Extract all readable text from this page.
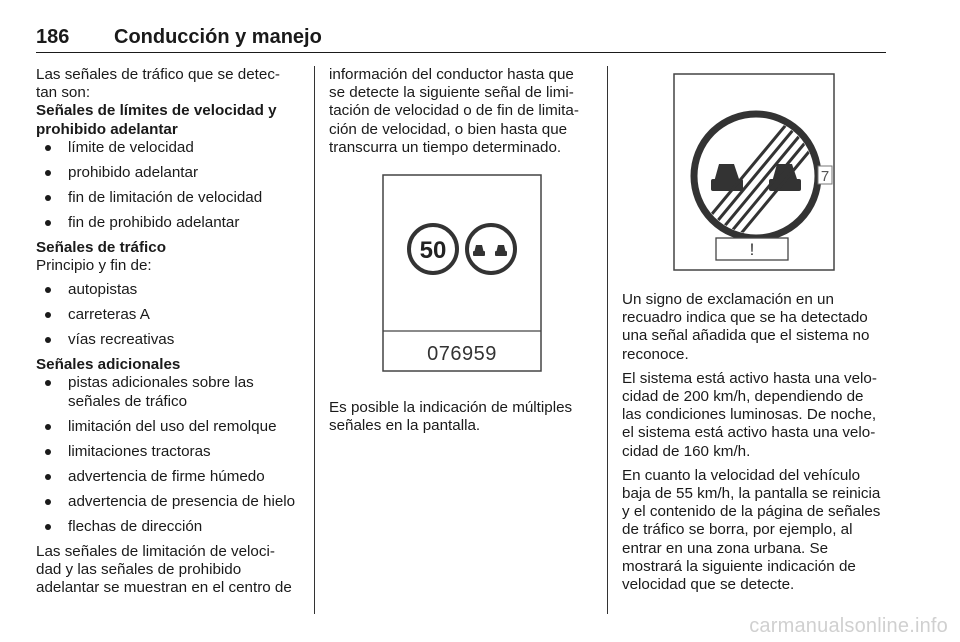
186 Conducción y manejo

Las señales de tráfico que se detec-tan son:

Señales de límites de velocidad y prohibido adelantar

límite de velocidad
prohibido adelantar
fin de limitación de velocidad
fin de prohibido adelantar

Señales de tráfico

Principio y fin de:

autopistas
carreteras A
vías recreativas

Señales adicionales

pistas adicionales sobre las señales de tráfico
limitación del uso del remolque
limitaciones tractoras
advertencia de firme húmedo
advertencia de presencia de hielo
flechas de dirección

Las señales de limitación de veloci-dad y las señales de prohibido adelantar se muestran en el centro de

información del conductor hasta que se detecte la siguiente señal de limi-tación de velocidad o de fin de limita-ción de velocidad, o bien hasta que transcurra un tiempo determinado.

50
076959

Es posible la indicación de múltiples señales en la pantalla.

!
7

Un signo de exclamación en un recuadro indica que se ha detectado una señal añadida que el sistema no reconoce.

El sistema está activo hasta una velo-cidad de 200 km/h, dependiendo de las condiciones luminosas. De noche, el sistema está activo hasta una velo-cidad de 160 km/h.

En cuanto la velocidad del vehículo baja de 55 km/h, la pantalla se reinicia y el contenido de la página de señales de tráfico se borra, por ejemplo, al entrar en una zona urbana. Se mostrará la siguiente indicación de velocidad que se detecte.

carmanualsonline.info
